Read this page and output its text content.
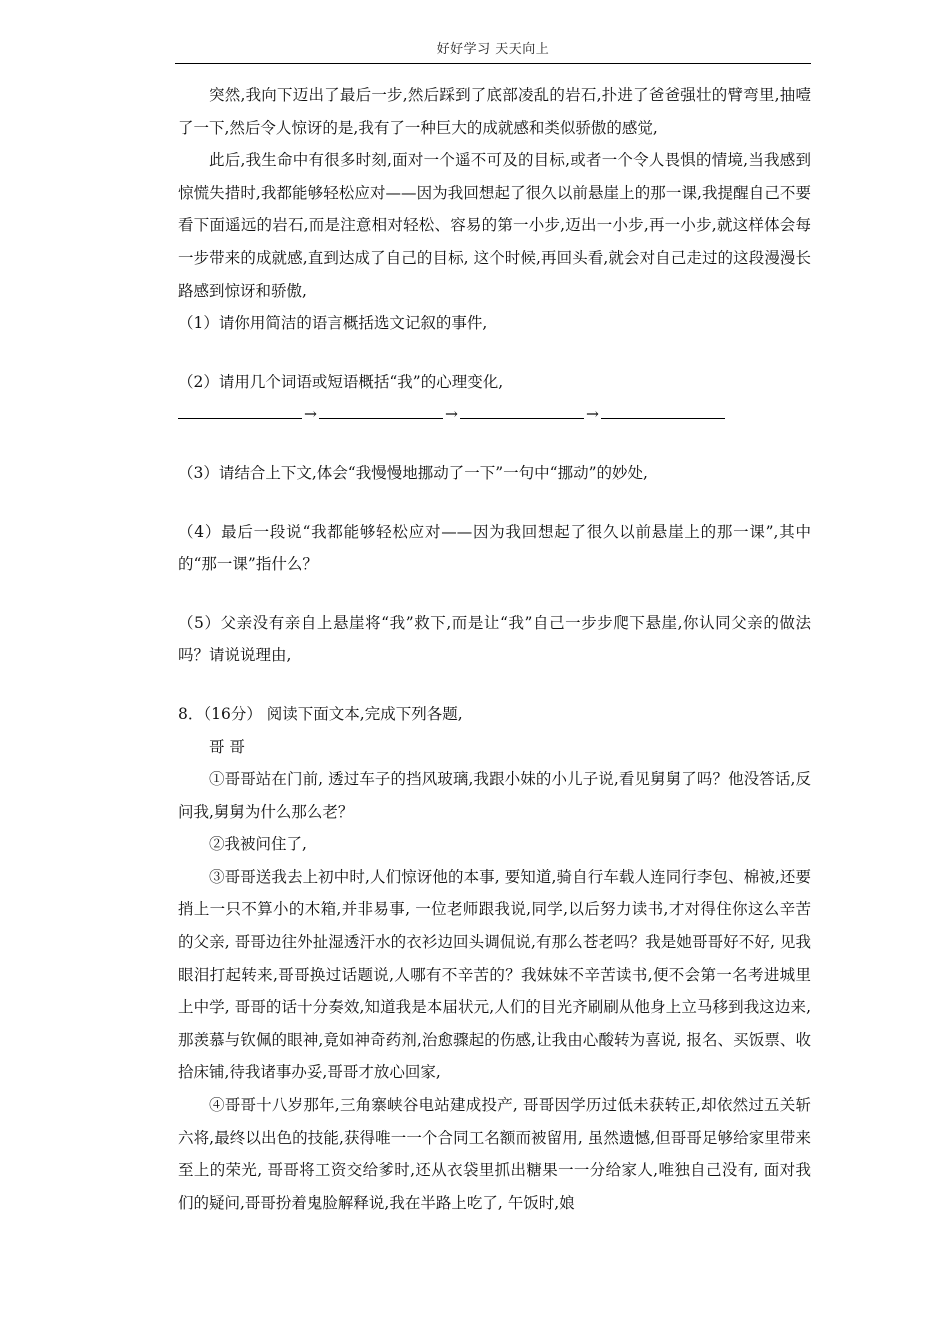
好好学习 天天向上

突然,我向下迈出了最后一步,然后踩到了底部凌乱的岩石,扑进了爸爸强壮的臂弯里,抽噎了一下,然后令人惊讶的是,我有了一种巨大的成就感和类似骄傲的感觉,

此后,我生命中有很多时刻,面对一个遥不可及的目标,或者一个令人畏惧的情境,当我感到惊慌失措时,我都能够轻松应对——因为我回想起了很久以前悬崖上的那一课,我提醒自己不要看下面遥远的岩石,而是注意相对轻松、容易的第一小步,迈出一小步,再一小步,就这样体会每一步带来的成就感,直到达成了自己的目标, 这个时候,再回头看,就会对自己走过的这段漫漫长路感到惊讶和骄傲,

（1）请你用简洁的语言概括选文记叙的事件,

（2）请用几个词语或短语概括“我”的心理变化,

→	→	→

（3）请结合上下文,体会“我慢慢地挪动了一下”一句中“挪动”的妙处,

（4）最后一段说“我都能够轻松应对——因为我回想起了很久以前悬崖上的那一课”,其中的“那一课”指什么？

（5）父亲没有亲自上悬崖将“我”救下,而是让“我”自己一步步爬下悬崖,你认同父亲的做法吗？请说说理由,

8．（16分） 阅读下面文本,完成下列各题,

哥 哥

①哥哥站在门前, 透过车子的挡风玻璃,我跟小妹的小儿子说,看见舅舅了吗？他没答话,反问我,舅舅为什么那么老？

②我被问住了,

③哥哥送我去上初中时,人们惊讶他的本事, 要知道,骑自行车载人连同行李包、棉被,还要捎上一只不算小的木箱,并非易事, 一位老师跟我说,同学,以后努力读书,才对得住你这么辛苦的父亲, 哥哥边往外扯湿透汗水的衣衫边回头调侃说,有那么苍老吗？我是她哥哥好不好, 见我眼泪打起转来,哥哥换过话题说,人哪有不辛苦的？我妹妹不辛苦读书,便不会第一名考进城里上中学, 哥哥的话十分奏效,知道我是本届状元,人们的目光齐刷刷从他身上立马移到我这边来,那羡慕与钦佩的眼神,竟如神奇药剂,治愈骤起的伤感,让我由心酸转为喜说, 报名、买饭票、收拾床铺,待我诸事办妥,哥哥才放心回家,

④哥哥十八岁那年,三角寨峡谷电站建成投产, 哥哥因学历过低未获转正,却依然过五关斩六将,最终以出色的技能,获得唯一一个合同工名额而被留用, 虽然遗憾,但哥哥足够给家里带来至上的荣光, 哥哥将工资交给爹时,还从衣袋里抓出糖果一一分给家人,唯独自己没有, 面对我们的疑问,哥哥扮着鬼脸解释说,我在半路上吃了, 午饭时,娘
